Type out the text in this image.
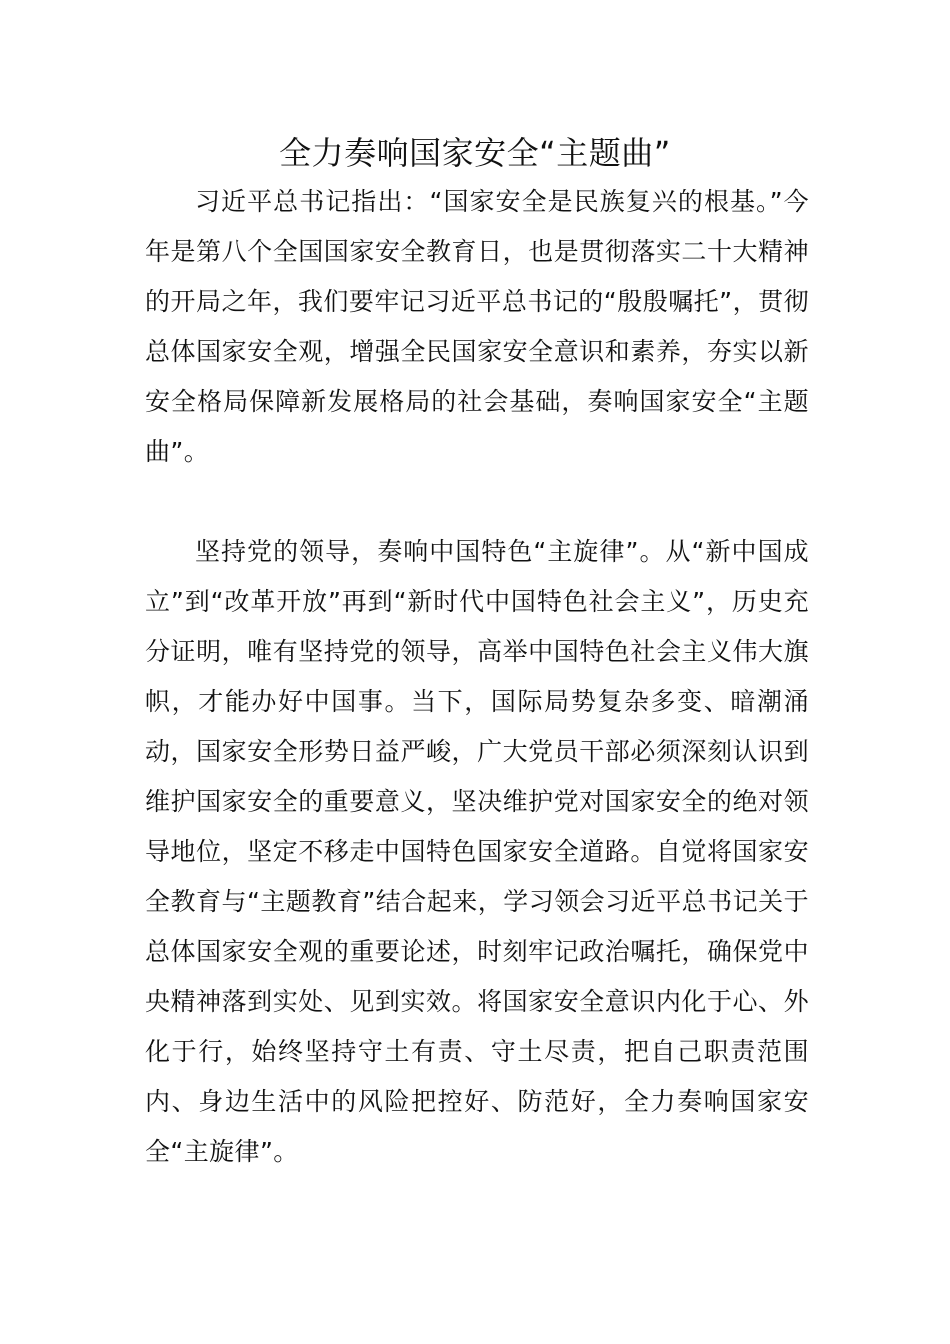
全力奏响国家安全“主题曲”

习近平总书记指出：“国家安全是民族复兴的根基。”今年是第八个全国国家安全教育日，也是贯彻落实二十大精神的开局之年，我们要牢记习近平总书记的“殷殷嘱托”，贯彻总体国家安全观，增强全民国家安全意识和素养，夯实以新安全格局保障新发展格局的社会基础，奏响国家安全“主题曲”。

坚持党的领导，奏响中国特色“主旋律”。从“新中国成立”到“改革开放”再到“新时代中国特色社会主义”，历史充分证明，唯有坚持党的领导，高举中国特色社会主义伟大旗帜，才能办好中国事。当下，国际局势复杂多变、暗潮涌动，国家安全形势日益严峻，广大党员干部必须深刻认识到维护国家安全的重要意义，坚决维护党对国家安全的绝对领导地位，坚定不移走中国特色国家安全道路。自觉将国家安全教育与“主题教育”结合起来，学习领会习近平总书记关于总体国家安全观的重要论述，时刻牢记政治嘱托，确保党中央精神落到实处、见到实效。将国家安全意识内化于心、外化于行，始终坚持守土有责、守土尽责，把自己职责范围内、身边生活中的风险把控好、防范好，全力奏响国家安全“主旋律”。
